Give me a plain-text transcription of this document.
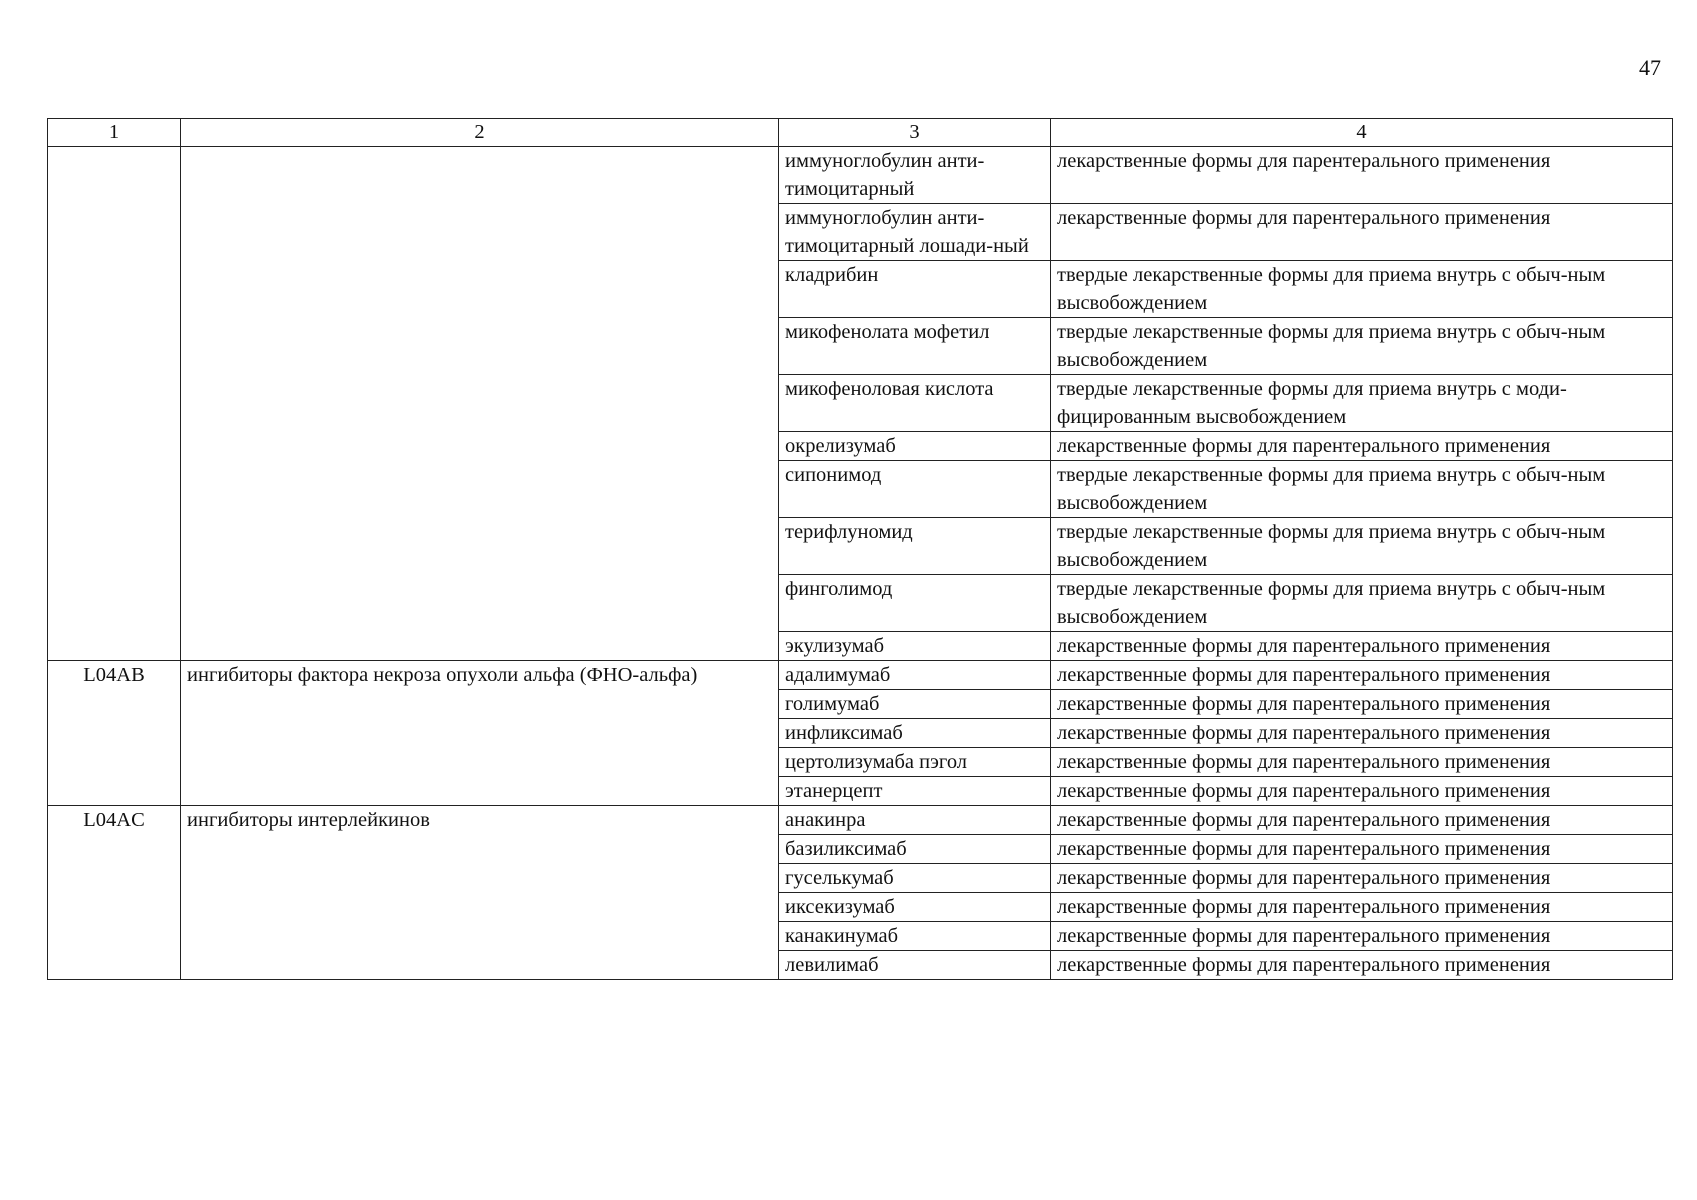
47
1	2	3	4
		иммуноглобулин анти-тимоцитарный	лекарственные формы для парентерального применения
		иммуноглобулин анти-тимоцитарный лошади-ный	лекарственные формы для парентерального применения
		кладрибин	твердые лекарственные формы для приема внутрь с обыч-ным высвобождением
		микофенолата мофетил	твердые лекарственные формы для приема внутрь с обыч-ным высвобождением
		микофеноловая кислота	твердые лекарственные формы для приема внутрь с моди-фицированным высвобождением
		окрелизумаб	лекарственные формы для парентерального применения
		сипонимод	твердые лекарственные формы для приема внутрь с обыч-ным высвобождением
		терифлуномид	твердые лекарственные формы для приема внутрь с обыч-ным высвобождением
		финголимод	твердые лекарственные формы для приема внутрь с обыч-ным высвобождением
		экулизумаб	лекарственные формы для парентерального применения
L04AB	ингибиторы фактора некроза опухоли альфа (ФНО-альфа)	адалимумаб	лекарственные формы для парентерального применения
		голимумаб	лекарственные формы для парентерального применения
		инфликсимаб	лекарственные формы для парентерального применения
		цертолизумаба пэгол	лекарственные формы для парентерального применения
		этанерцепт	лекарственные формы для парентерального применения
L04AC	ингибиторы интерлейкинов	анакинра	лекарственные формы для парентерального применения
		базиликсимаб	лекарственные формы для парентерального применения
		гуселькумаб	лекарственные формы для парентерального применения
		иксекизумаб	лекарственные формы для парентерального применения
		канакинумаб	лекарственные формы для парентерального применения
		левилимаб	лекарственные формы для парентерального применения
